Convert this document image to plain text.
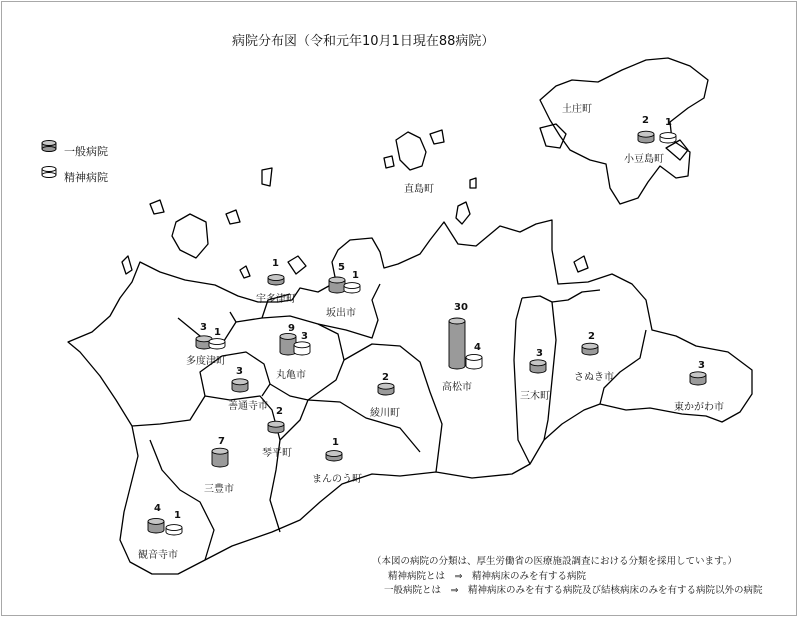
病院分布図（令和元年10月1日現在88病院）
一般病院
精神病院
土庄町
小豆島町
直島町
宇多津町
坂出市
多度津町
丸亀市
善通寺市
琴平町
高松市
綾川町
三木町
さぬき市
東かがわ市
三豊市
まんのう町
観音寺市
2 1
1	5
1
3 1	9
3
3
2
30
4
2
3
2
3
7	1
4
1
（本図の病院の分類は、厚生労働省の医療施設調査における分類を採用しています。）
精神病院とは　⇒　精神病床のみを有する病院
一般病院とは　⇒　精神病床のみを有する病院及び結核病床のみを有する病院以外の病院
